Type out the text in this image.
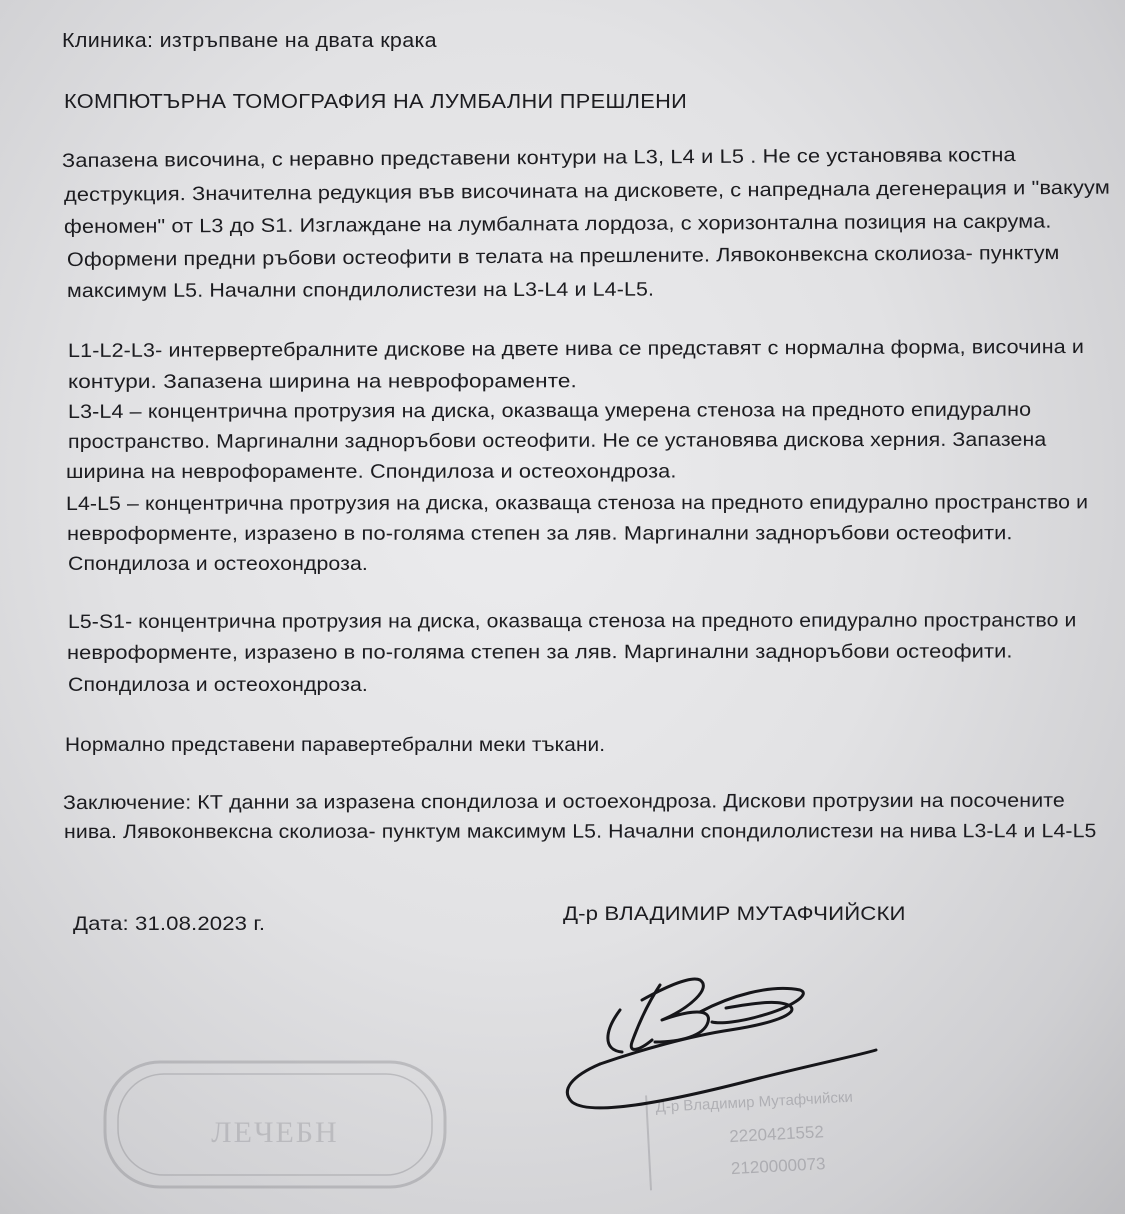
Клиника: изтръпване на двата крака
КОМПЮТЪРНА ТОМОГРАФИЯ НА ЛУМБАЛНИ ПРЕШЛЕНИ
Запазена височина, с неравно представени контури на L3, L4 и L5 . Не се установява костна
деструкция. Значителна редукция във височината на дисковете, с напреднала дегенерация и "вакуум
феномен" от L3 до S1. Изглаждане на лумбалната лордоза, с хоризонтална позиция на сакрума.
Оформени предни ръбови остеофити в телата на прешлените. Лявоконвексна сколиоза- пунктум
максимум L5. Начални спондилолистези на L3-L4 и L4-L5.
L1-L2-L3- интервертебралните дискове на двете нива се представят с нормална форма, височина и
контури. Запазена ширина на неврофораменте.
L3-L4 – концентрична протрузия на диска, оказваща умерена стеноза на предното епидурално
пространство. Маргинални задноръбови остеофити. Не се установява дискова херния. Запазена
ширина на неврофораменте. Спондилоза и остеохондроза.
L4-L5 – концентрична протрузия на диска, оказваща стеноза на предното епидурално пространство и
невроформенте, изразено в по-голяма степен за ляв. Маргинални задноръбови остеофити.
Спондилоза и остеохондроза.
L5-S1- концентрична протрузия на диска, оказваща стеноза на предното епидурално пространство и
невроформенте, изразено в по-голяма степен за ляв. Маргинални задноръбови остеофити.
Спондилоза и остеохондроза.
Нормално представени паравертебрални меки тъкани.
Заключение: КТ данни за изразена спондилоза и остоехондроза. Дискови протрузии на посочените
нива. Лявоконвексна сколиоза- пунктум максимум L5. Начални спондилолистези на нива L3-L4 и L4-L5
Дата: 31.08.2023 г.	Д-р ВЛАДИМИР МУТАФЧИЙСКИ
ЛЕЧЕБН
Д-р Владимир Мутафчийски
2220421552
2120000073
